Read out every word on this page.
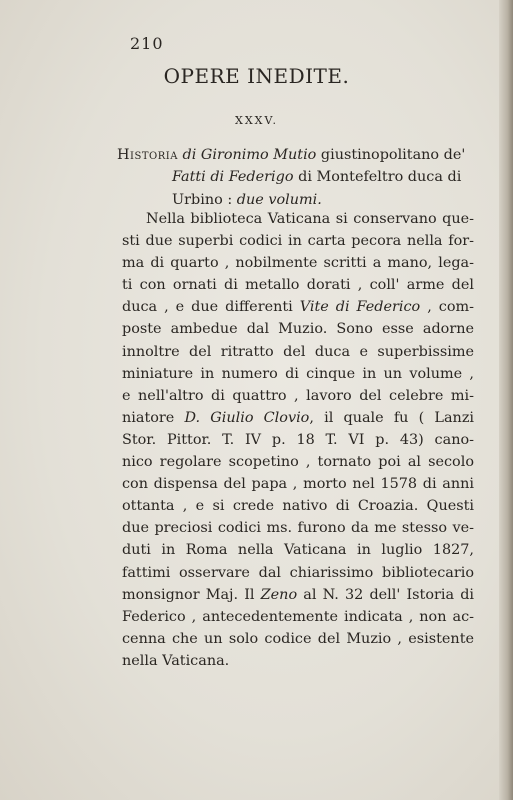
210
OPERE INEDITE.
XXXV.
Historia di Gironimo Mutio giustinopolitano de'
Fatti di Federigo di Montefeltro duca di
Urbino : due volumi.
Nella biblioteca Vaticana si conservano que-
sti due superbi codici in carta pecora nella for-
ma di quarto , nobilmente scritti a mano, lega-
ti con ornati di metallo dorati , coll' arme del
duca , e due differenti Vite di Federico , com-
poste ambedue dal Muzio. Sono esse adorne
innoltre del ritratto del duca e superbissime
miniature in numero di cinque in un volume ,
e nell'altro di quattro , lavoro del celebre mi-
niatore D. Giulio Clovio, il quale fu ( Lanzi
Stor. Pittor. T. IV p. 18 T. VI p. 43) cano-
nico regolare scopetino , tornato poi al secolo
con dispensa del papa , morto nel 1578 di anni
ottanta , e si crede nativo di Croazia. Questi
due preciosi codici ms. furono da me stesso ve-
duti in Roma nella Vaticana in luglio 1827,
fattimi osservare dal chiarissimo bibliotecario
monsignor Maj. Il Zeno al N. 32 dell' Istoria di
Federico , antecedentemente indicata , non ac-
cenna che un solo codice del Muzio , esistente
nella Vaticana.
